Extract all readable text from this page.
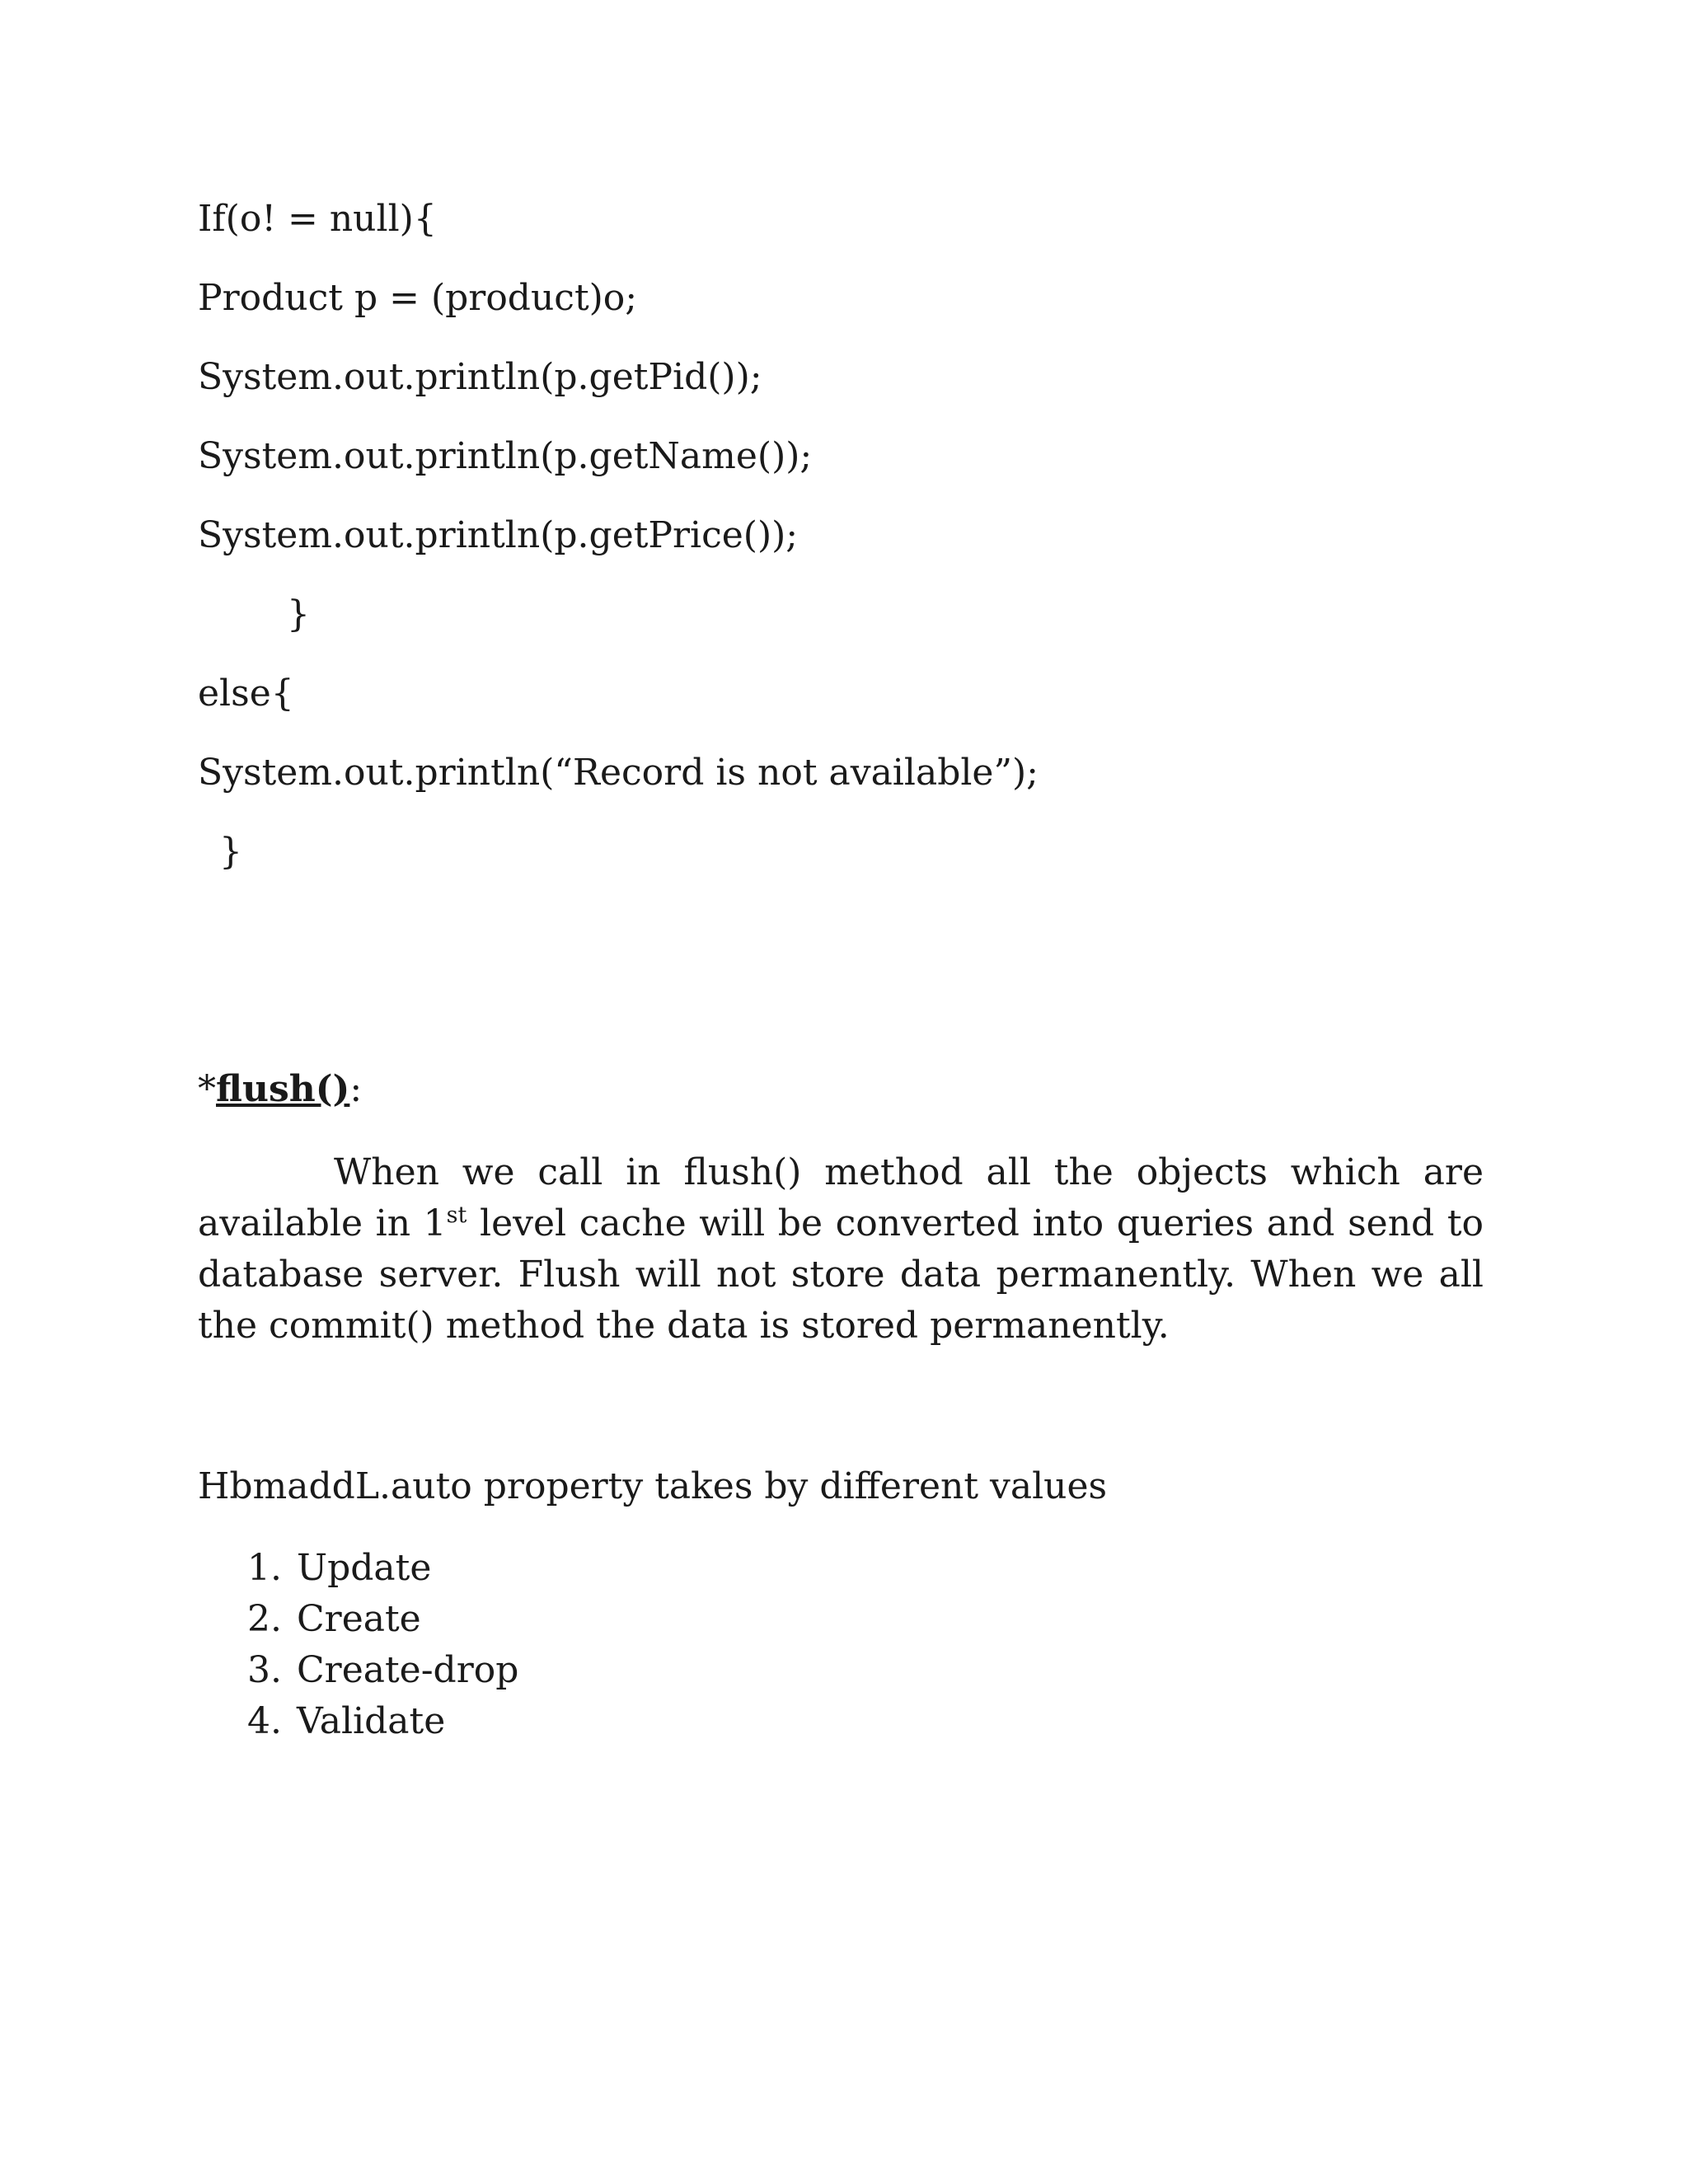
If(o! = null){
Product p = (product)o;
System.out.println(p.getPid());
System.out.println(p.getName());
System.out.println(p.getPrice());
}
else{
System.out.println(“Record is not available”);
}
*flush():
When we call in flush() method all the objects which are available in 1st level cache will be converted into queries and send to database server. Flush will not store data permanently. When we all the commit() method the data is stored permanently.
HbmaddL.auto property takes by different values
1. Update
2. Create
3. Create-drop
4. Validate
